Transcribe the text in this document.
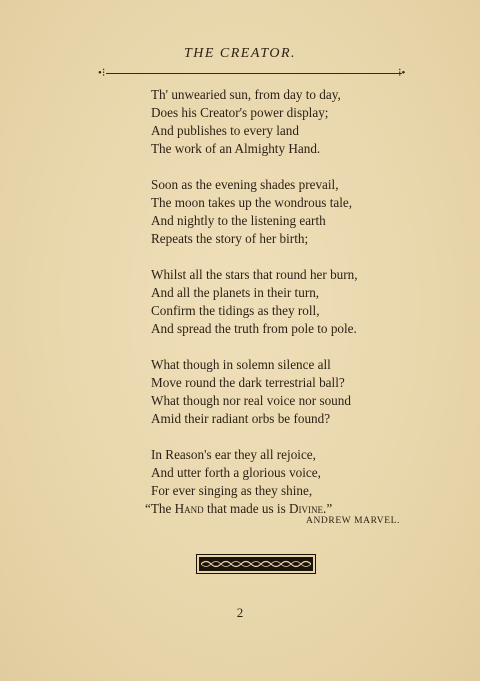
THE CREATOR.
•⁝	⁝•
Th' unwearied sun, from day to day,
Does his Creator's power display;
And publishes to every land
The work of an Almighty Hand.
Soon as the evening shades prevail,
The moon takes up the wondrous tale,
And nightly to the listening earth
Repeats the story of her birth;
Whilst all the stars that round her burn,
And all the planets in their turn,
Confirm the tidings as they roll,
And spread the truth from pole to pole.
What though in solemn silence all
Move round the dark terrestrial ball?
What though nor real voice nor sound
Amid their radiant orbs be found?
In Reason's ear they all rejoice,
And utter forth a glorious voice,
For ever singing as they shine,
“The Hand that made us is Divine.”
ANDREW MARVEL.
2
